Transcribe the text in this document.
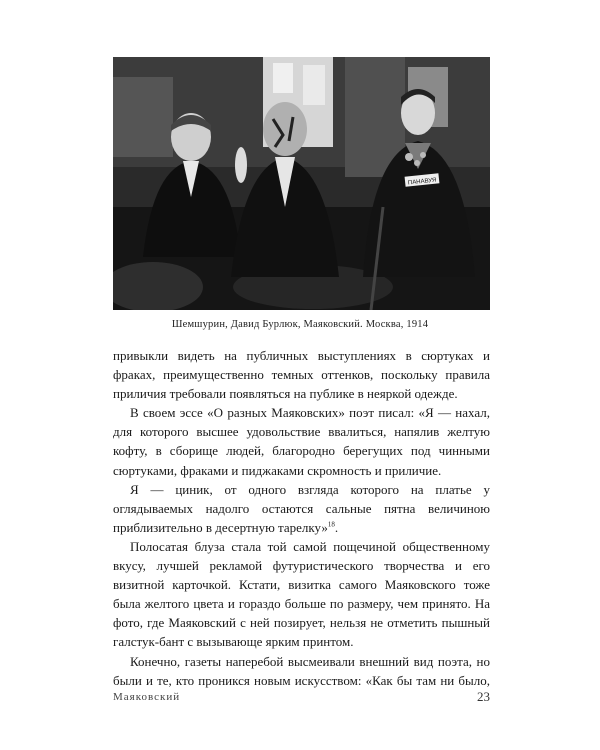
ПАНАВУЯ
Шемшурин, Давид Бурлюк, Маяковский. Москва, 1914

привыкли видеть на публичных выступлениях в сюртуках и фраках, преимущественно темных оттенков, поскольку правила приличия требовали появляться на публике в неяркой одежде.

В своем эссе «О разных Маяковских» поэт писал: «Я — нахал, для которого высшее удовольствие ввалиться, напялив желтую кофту, в сборище людей, благородно берегущих под чинными сюртуками, фраками и пиджаками скромность и приличие.

Я — циник, от одного взгляда которого на платье у оглядываемых надолго остаются сальные пятна величиною приблизительно в десертную тарелку»$^{18}$.

Полосатая блуза стала той самой пощечиной общественному вкусу, лучшей рекламой футуристического творчества и его визитной карточкой. Кстати, визитка самого Маяковского тоже была желтого цвета и гораздо больше по размеру, чем принято. На фото, где Маяковский с ней позирует, нельзя не отметить пышный галстук-бант с вызывающе ярким принтом.

Конечно, газеты наперебой высмеивали внешний вид поэта, но были и те, кто проникся новым искусством: «Как бы там ни было,

Маяковский	23
